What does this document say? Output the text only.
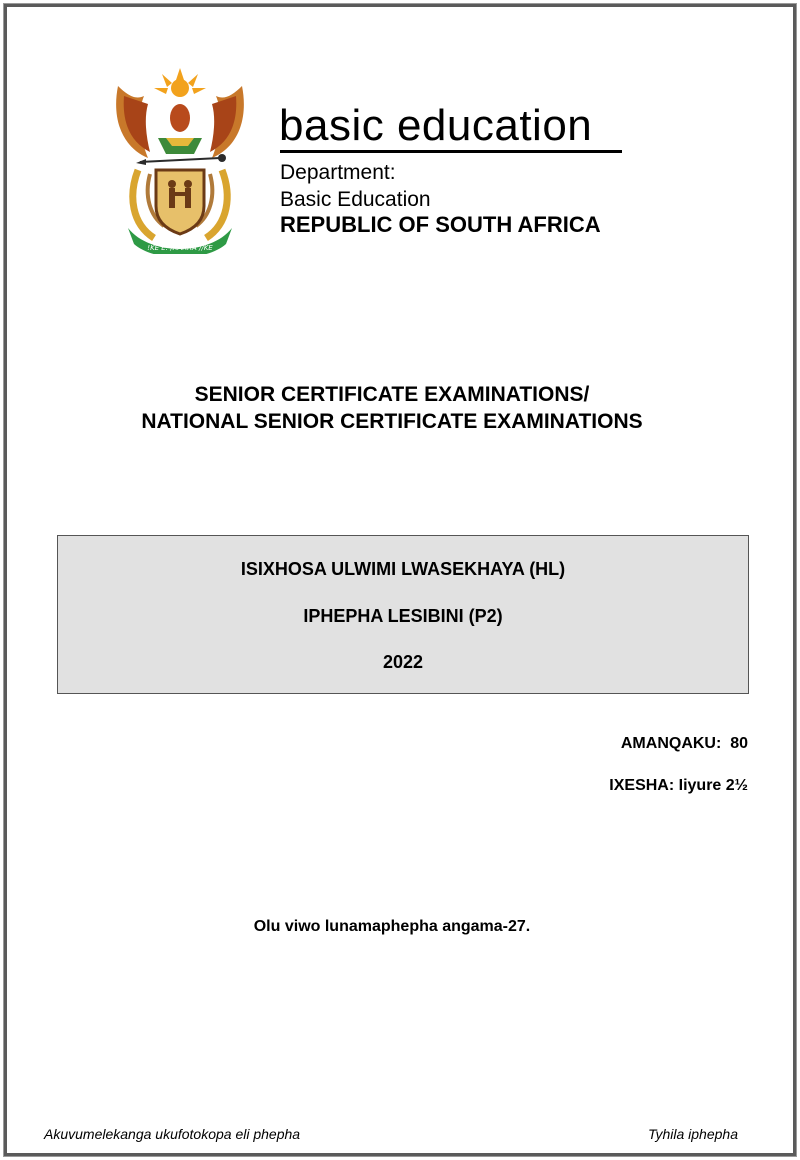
!KE E: /XARRA //KE
basic education
Department:
Basic Education
REPUBLIC OF SOUTH AFRICA
SENIOR CERTIFICATE EXAMINATIONS/
NATIONAL SENIOR CERTIFICATE EXAMINATIONS
ISIXHOSA ULWIMI LWASEKHAYA (HL)
IPHEPHA LESIBINI (P2)
2022
AMANQAKU:  80
IXESHA: Iiyure 2½
Olu viwo lunamaphepha angama-27.
Akuvumelekanga ukufotokopa eli phepha	Tyhila iphepha
